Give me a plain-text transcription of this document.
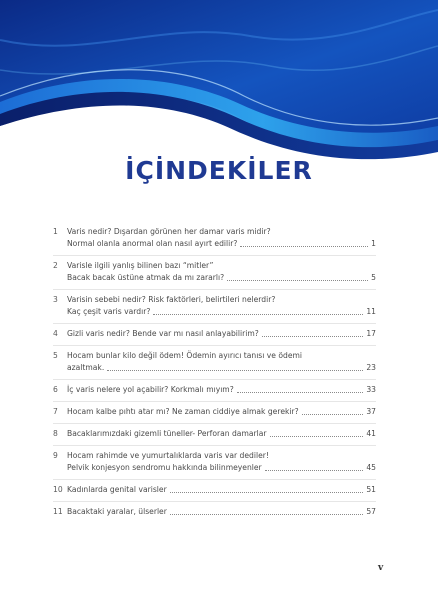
İÇİNDEKİLER
1	Varis nedir? Dışardan görünen her damar varis midir?
Normal olanla anormal olan nasıl ayırt edilir?	1
2	Varisle ilgili yanlış bilinen bazı “mitler”
Bacak bacak üstüne atmak da mı zararlı?	5
3	Varisin sebebi nedir? Risk faktörleri, belirtileri nelerdir?
Kaç çeşit varis vardır?	11
4	Gizli varis nedir? Bende var mı nasıl anlayabilirim?	17
5	Hocam bunlar kilo değil ödem! Ödemin ayırıcı tanısı ve ödemi
azaltmak.	23
6	İç varis nelere yol açabilir? Korkmalı mıyım?	33
7	Hocam kalbe pıhtı atar mı? Ne zaman ciddiye almak gerekir?	37
8	Bacaklarımızdaki gizemli tüneller- Perforan damarlar	41
9	Hocam rahimde ve yumurtalıklarda varis var dediler!
Pelvik konjesyon sendromu hakkında bilinmeyenler	45
10 Kadınlarda genital varisler	51
11 Bacaktaki yaralar, ülserler	57
v
